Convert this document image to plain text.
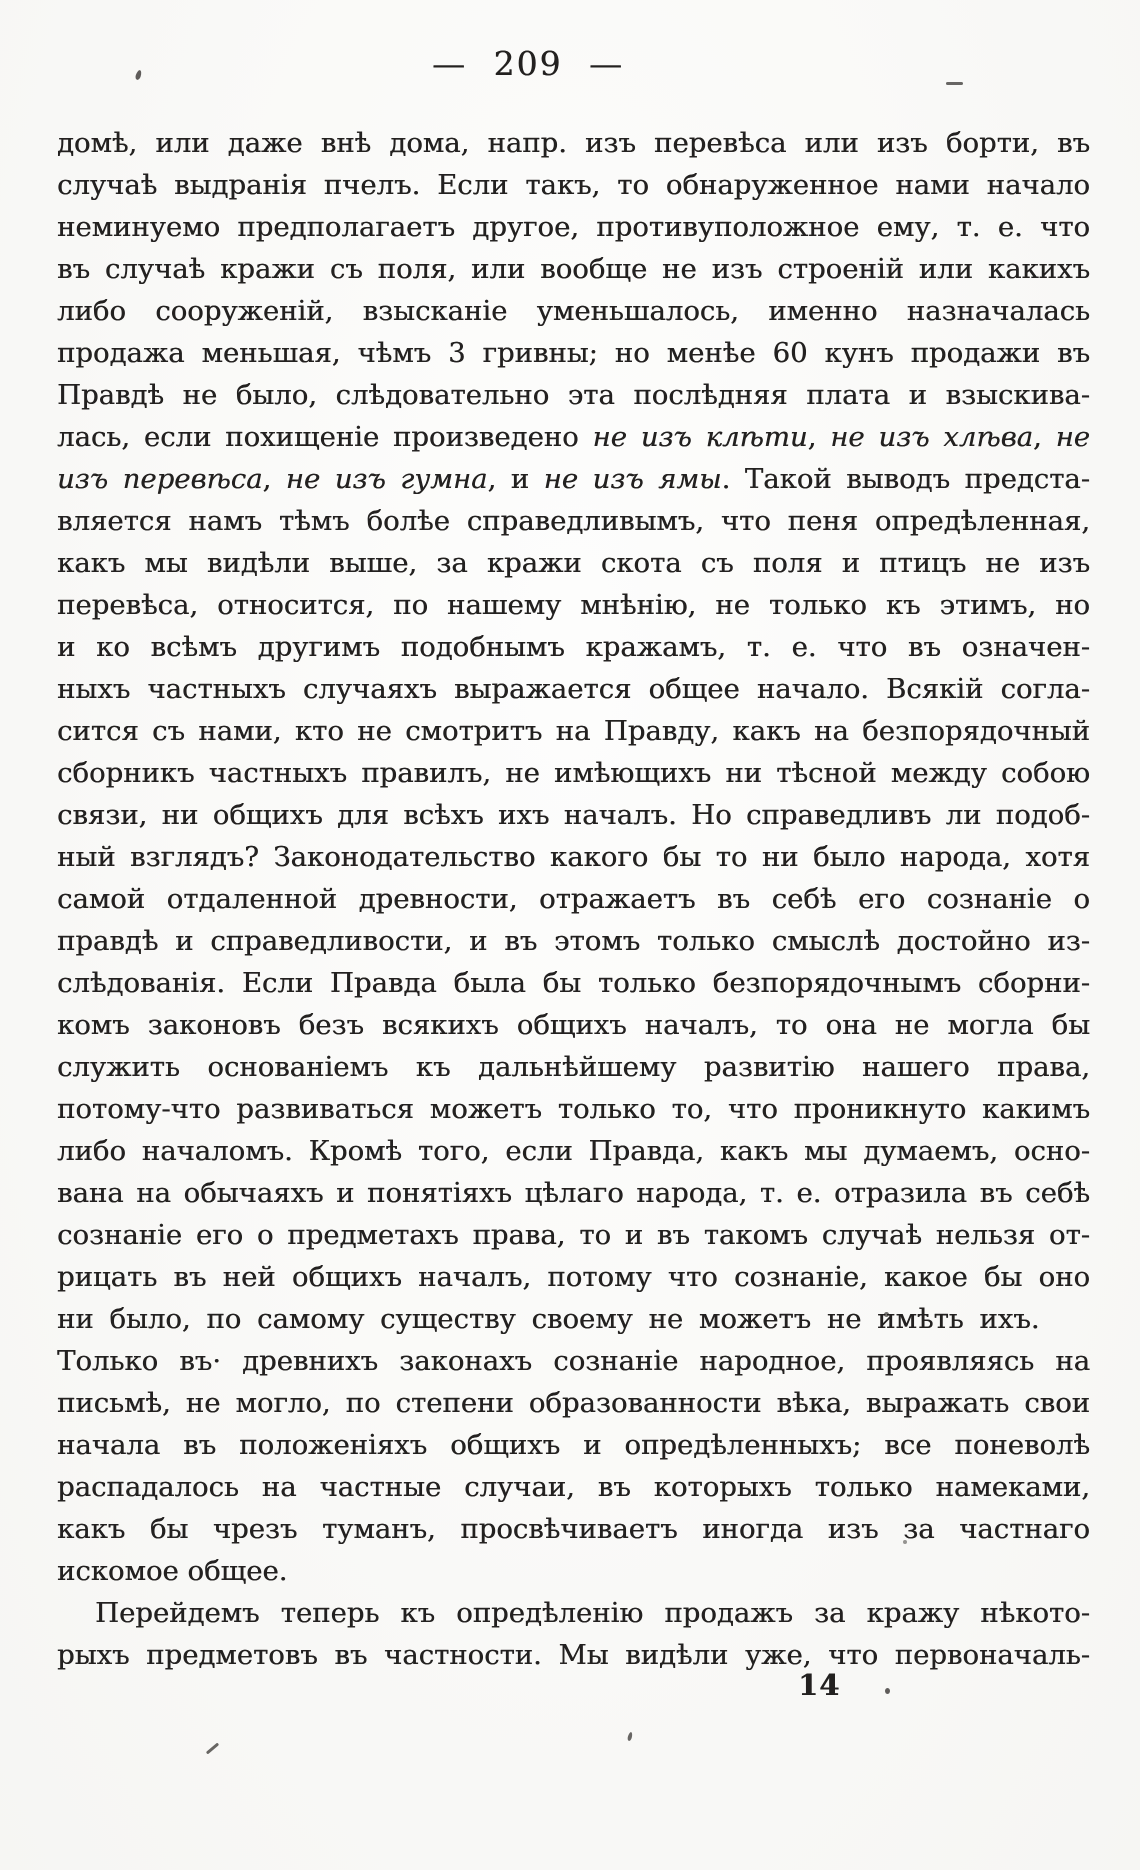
— 209 —
домѣ, или даже внѣ дома, напр. изъ перевѣса или изъ борти, въ
случаѣ выдранія пчелъ. Если такъ, то обнаруженное нами начало
неминуемо предполагаетъ другое, противуположное ему, т. е. что
въ случаѣ кражи съ поля, или вообще не изъ строеній или какихъ
либо сооруженій, взысканіе уменьшалось, именно назначалась
продажа меньшая, чѣмъ 3 гривны; но менѣе 60 кунъ продажи въ
Правдѣ не было, слѣдовательно эта послѣдняя плата и взыскива-
лась, если похищеніе произведено не изъ клѣти, не изъ хлѣва, не
изъ перевѣса, не изъ гумна, и не изъ ямы. Такой выводъ предста-
вляется намъ тѣмъ болѣе справедливымъ, что пеня опредѣленная,
какъ мы видѣли выше, за кражи скота съ поля и птицъ не изъ
перевѣса, относится, по нашему мнѣнію, не только къ этимъ, но
и ко всѣмъ другимъ подобнымъ кражамъ, т. е. что въ означен-
ныхъ частныхъ случаяхъ выражается общее начало. Всякій согла-
сится съ нами, кто не смотритъ на Правду, какъ на безпорядочный
сборникъ частныхъ правилъ, не имѣющихъ ни тѣсной между собою
связи, ни общихъ для всѣхъ ихъ началъ. Но справедливъ ли подоб-
ный взглядъ? Законодательство какого бы то ни было народа, хотя
самой отдаленной древности, отражаетъ въ себѣ его сознаніе о
правдѣ и справедливости, и въ этомъ только смыслѣ достойно из-
слѣдованія. Если Правда была бы только безпорядочнымъ сборни-
комъ законовъ безъ всякихъ общихъ началъ, то она не могла бы
служить основаніемъ къ дальнѣйшему развитію нашего права,
потому-что развиваться можетъ только то, что проникнуто какимъ
либо началомъ. Кромѣ того, если Правда, какъ мы думаемъ, осно-
вана на обычаяхъ и понятіяхъ цѣлаго народа, т. е. отразила въ себѣ
сознаніе его о предметахъ права, то и въ такомъ случаѣ нельзя от-
рицать въ ней общихъ началъ, потому что сознаніе, какое бы оно
ни было, по самому существу своему не можетъ не имѣть ихъ.
Только въ· древнихъ законахъ сознаніе народное, проявляясь на
письмѣ, не могло, по степени образованности вѣка, выражать свои
начала въ положеніяхъ общихъ и опредѣленныхъ; все поневолѣ
распадалось на частные случаи, въ которыхъ только намеками,
какъ бы чрезъ туманъ, просвѣчиваетъ иногда изъ за частнаго
искомое общее.
Перейдемъ теперь къ опредѣленію продажъ за кражу нѣкото-
рыхъ предметовъ въ частности. Мы видѣли уже, что первоначаль-
14
